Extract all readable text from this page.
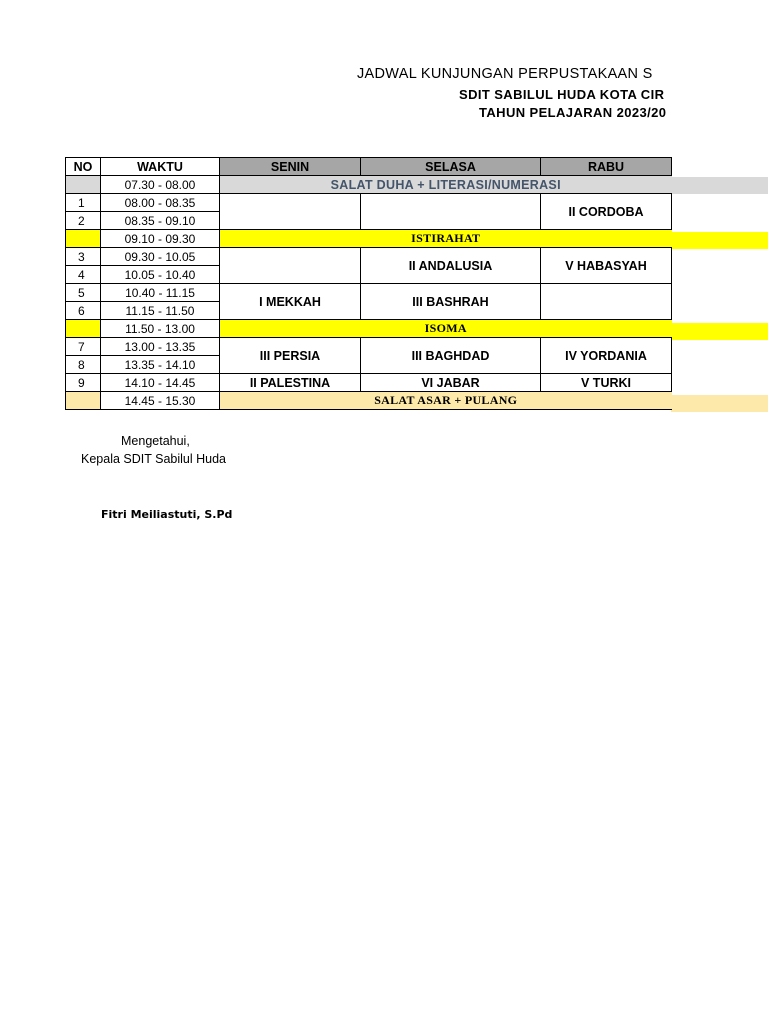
JADWAL KUNJUNGAN PERPUSTAKAAN S
SDIT SABILUL HUDA KOTA CIR
TAHUN PELAJARAN 2023/20
NO	WAKTU	SENIN	SELASA	RABU
	07.30 - 08.00	SALAT DUHA + LITERASI/NUMERASI		
1	08.00 - 08.35			II CORDOBA
2	08.35 - 09.10			
	09.10 - 09.30	ISTIRAHAT		
3	09.30 - 10.05		II ANDALUSIA	V HABASYAH
4	10.05 - 10.40			
5	10.40 - 11.15	I MEKKAH	III BASHRAH	
6	11.15 - 11.50			
	11.50 - 13.00	ISOMA		
7	13.00 - 13.35	III PERSIA	III BAGHDAD	IV YORDANIA
8	13.35 - 14.10			
9	14.10 - 14.45	II PALESTINA	VI JABAR	V TURKI
	14.45 - 15.30	SALAT ASAR + PULANG		
Mengetahui,
Kepala SDIT Sabilul Huda
Fitri Meiliastuti, S.Pd
